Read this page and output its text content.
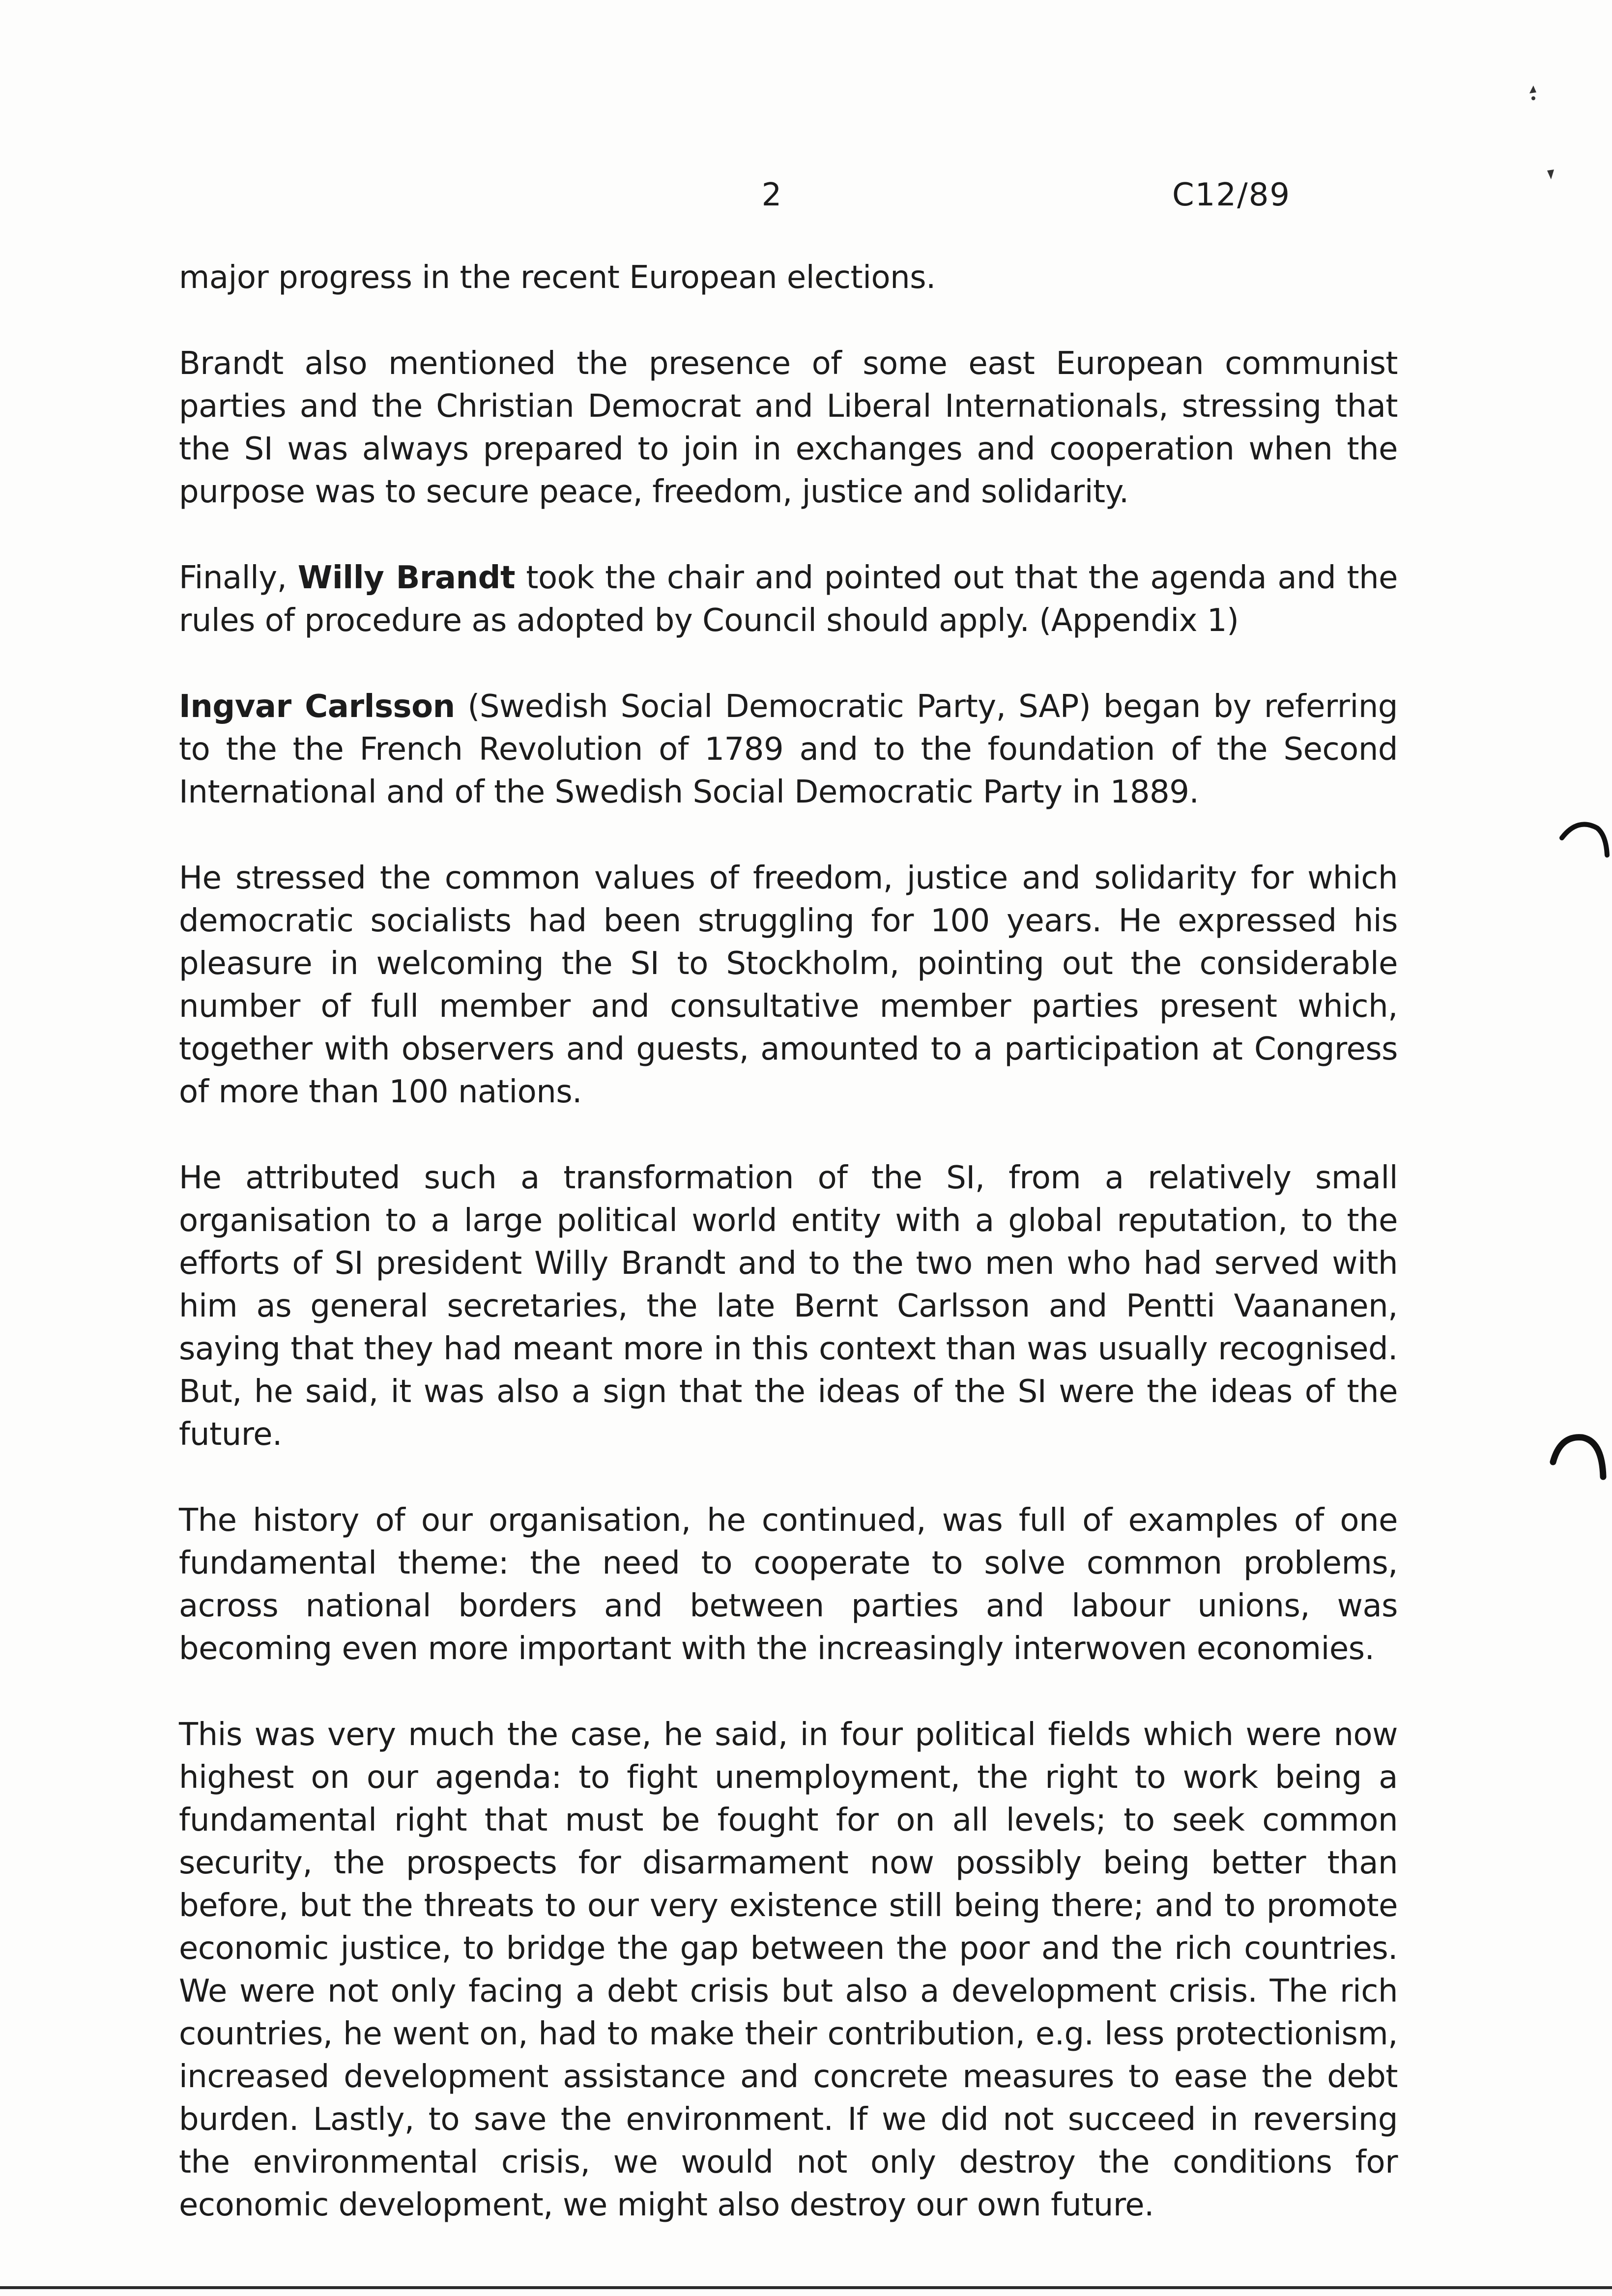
2	C12/89

major progress in the recent European elections.

Brandt also mentioned the presence of some east European communist parties and the Christian Democrat and Liberal Internationals, stressing that the SI was always prepared to join in exchanges and cooperation when the purpose was to secure peace, freedom, justice and solidarity.

Finally, Willy Brandt took the chair and pointed out that the agenda and the rules of procedure as adopted by Council should apply. (Appendix 1)

Ingvar Carlsson (Swedish Social Democratic Party, SAP) began by referring to the the French Revolution of 1789 and to the foundation of the Second International and of the Swedish Social Democratic Party in 1889.

He stressed the common values of freedom, justice and solidarity for which democratic socialists had been struggling for 100 years. He expressed his pleasure in welcoming the SI to Stockholm, pointing out the considerable number of full member and consultative member parties present which, together with observers and guests, amounted to a participation at Congress of more than 100 nations.

He attributed such a transformation of the SI, from a relatively small organisation to a large political world entity with a global reputation, to the efforts of SI president Willy Brandt and to the two men who had served with him as general secretaries, the late Bernt Carlsson and Pentti Vaananen, saying that they had meant more in this context than was usually recognised. But, he said, it was also a sign that the ideas of the SI were the ideas of the future.

The history of our organisation, he continued, was full of examples of one fundamental theme: the need to cooperate to solve common problems, across national borders and between parties and labour unions, was becoming even more important with the increasingly interwoven economies.

This was very much the case, he said, in four political fields which were now highest on our agenda: to fight unemployment, the right to work being a fundamental right that must be fought for on all levels; to seek common security, the prospects for disarmament now possibly being better than before, but the threats to our very existence still being there; and to promote economic justice, to bridge the gap between the poor and the rich countries. We were not only facing a debt crisis but also a development crisis. The rich countries, he went on, had to make their contribution, e.g. less protectionism, increased development assistance and concrete measures to ease the debt burden. Lastly, to save the environment. If we did not succeed in reversing the environmental crisis, we would not only destroy the conditions for economic development, we might also destroy our own future.
